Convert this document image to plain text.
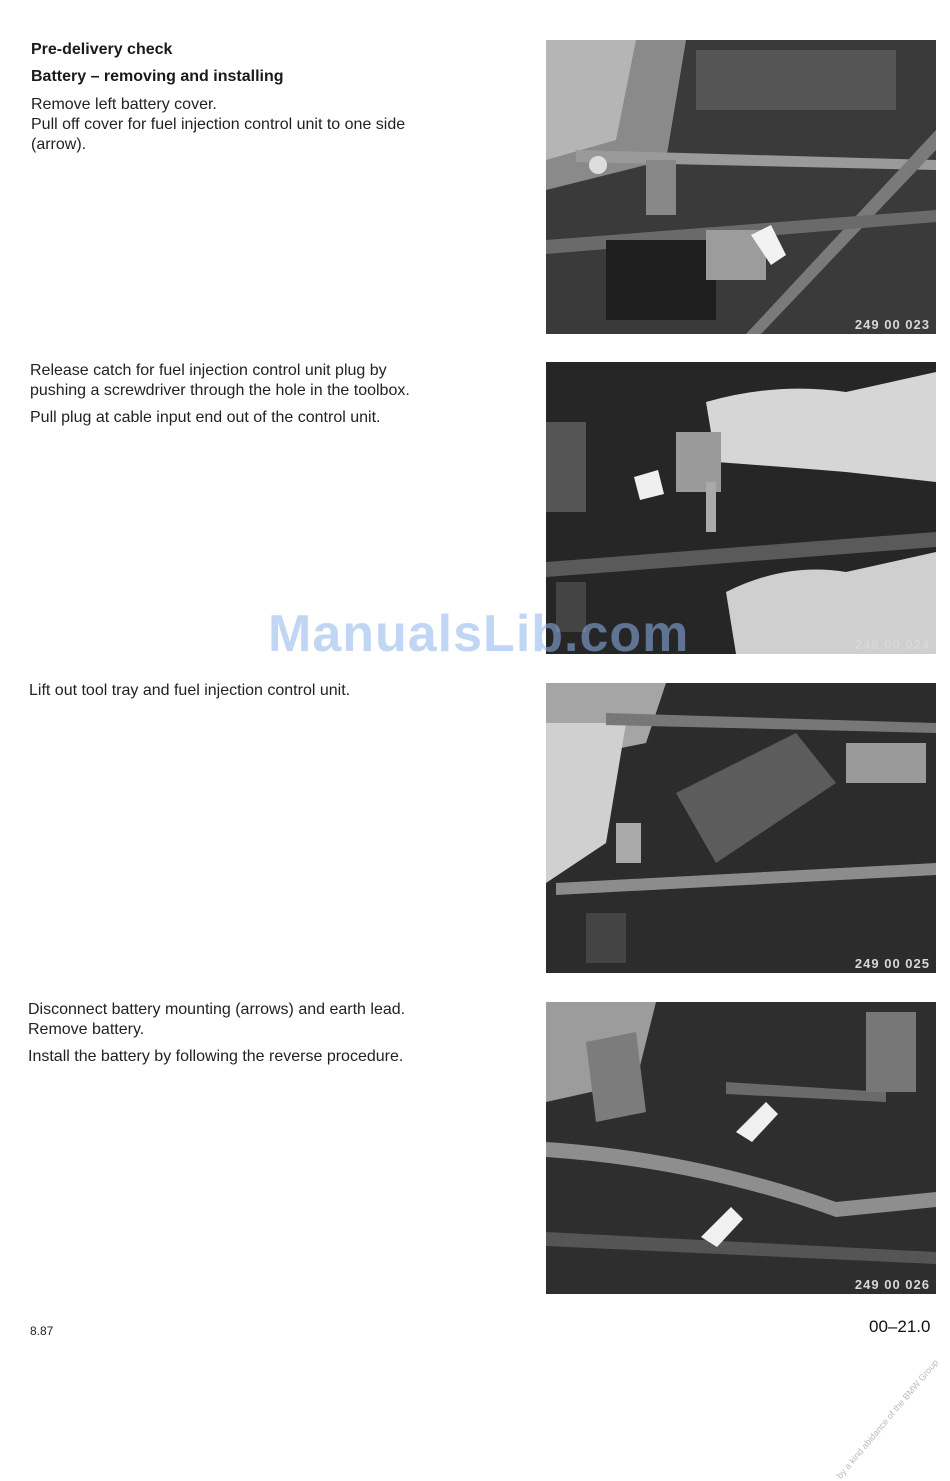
Pre-delivery check
Battery – removing and installing
Remove left battery cover.
Pull off cover for fuel injection control unit to one side
(arrow).
Release catch for fuel injection control unit plug by
pushing a screwdriver through the hole in the toolbox.
Pull plug at cable input end out of the control unit.
Lift out tool tray and fuel injection control unit.
Disconnect battery mounting (arrows) and earth lead.
Remove battery.
Install the battery by following the reverse procedure.
249 00 023
249 00 024
249 00 025
249 00 026
ManualsLib.com
8.87	00–21.0
by a kind abidance of the BMW Group
